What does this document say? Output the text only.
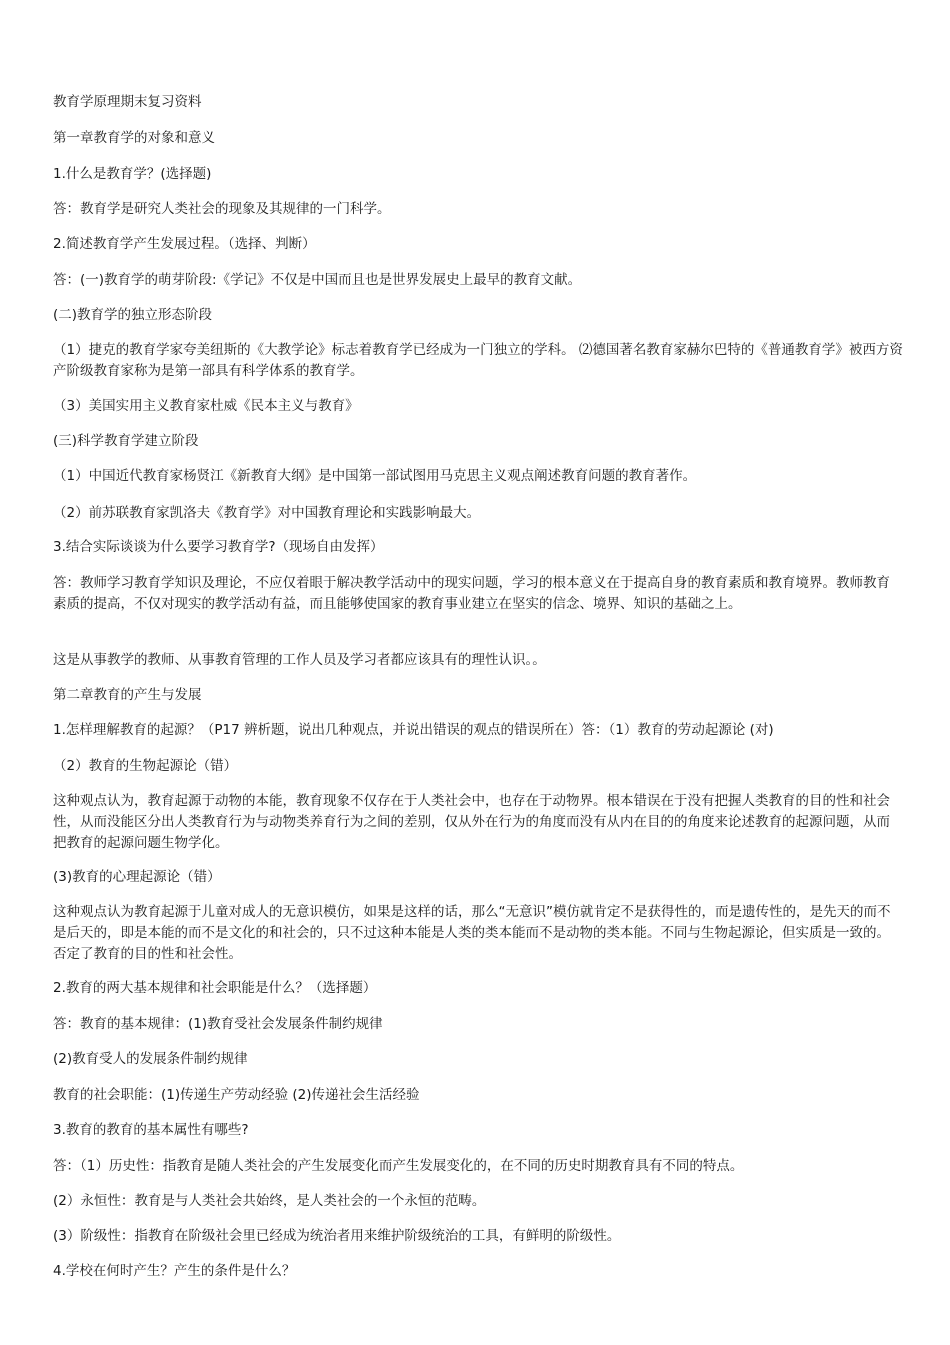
教育学原理期末复习资料

第一章教育学的对象和意义

1.什么是教育学？(选择题)

答：教育学是研究人类社会的现象及其规律的一门科学。

2.简述教育学产生发展过程。（选择、判断）

答：(一)教育学的萌芽阶段:《学记》不仅是中国而且也是世界发展史上最早的教育文献。

(二)教育学的独立形态阶段

（1）捷克的教育学家夸美纽斯的《大教学论》标志着教育学已经成为一门独立的学科。 ⑵德国著名教育家赫尔巴特的《普通教育学》被西方资产阶级教育家称为是第一部具有科学体系的教育学。

（3）美国实用主义教育家杜威《民本主义与教育》

(三)科学教育学建立阶段

（1）中国近代教育家杨贤江《新教育大纲》是中国第一部试图用马克思主义观点阐述教育问题的教育著作。

（2）前苏联教育家凯洛夫《教育学》对中国教育理论和实践影响最大。

3.结合实际谈谈为什么要学习教育学?（现场自由发挥）

答：教师学习教育学知识及理论，不应仅着眼于解决教学活动中的现实问题，学习的根本意义在于提高自身的教育素质和教育境界。教师教育素质的提高，不仅对现实的教学活动有益，而且能够使国家的教育事业建立在坚实的信念、境界、知识的基础之上。

这是从事教学的教师、从事教育管理的工作人员及学习者都应该具有的理性认识。。

第二章教育的产生与发展

1.怎样理解教育的起源？（P17 辨析题，说出几种观点，并说出错误的观点的错误所在）答：（1）教育的劳动起源论 (对)

（2）教育的生物起源论（错）

这种观点认为，教育起源于动物的本能，教育现象不仅存在于人类社会中，也存在于动物界。根本错误在于没有把握人类教育的目的性和社会性，从而没能区分出人类教育行为与动物类养育行为之间的差别，仅从外在行为的角度而没有从内在目的的角度来论述教育的起源问题，从而把教育的起源问题生物学化。

(3)教育的心理起源论（错）

这种观点认为教育起源于儿童对成人的无意识模仿，如果是这样的话，那么“无意识”模仿就肯定不是获得性的，而是遗传性的，是先天的而不是后天的，即是本能的而不是文化的和社会的，只不过这种本能是人类的类本能而不是动物的类本能。不同与生物起源论，但实质是一致的。否定了教育的目的性和社会性。

2.教育的两大基本规律和社会职能是什么？（选择题）

答：教育的基本规律：(1)教育受社会发展条件制约规律

(2)教育受人的发展条件制约规律

教育的社会职能：(1)传递生产劳动经验 (2)传递社会生活经验

3.教育的教育的基本属性有哪些?

答：（1）历史性：指教育是随人类社会的产生发展变化而产生发展变化的，在不同的历史时期教育具有不同的特点。

(2）永恒性：教育是与人类社会共始终，是人类社会的一个永恒的范畴。

(3）阶级性：指教育在阶级社会里已经成为统治者用来维护阶级统治的工具，有鲜明的阶级性。

4.学校在何时产生？产生的条件是什么？
